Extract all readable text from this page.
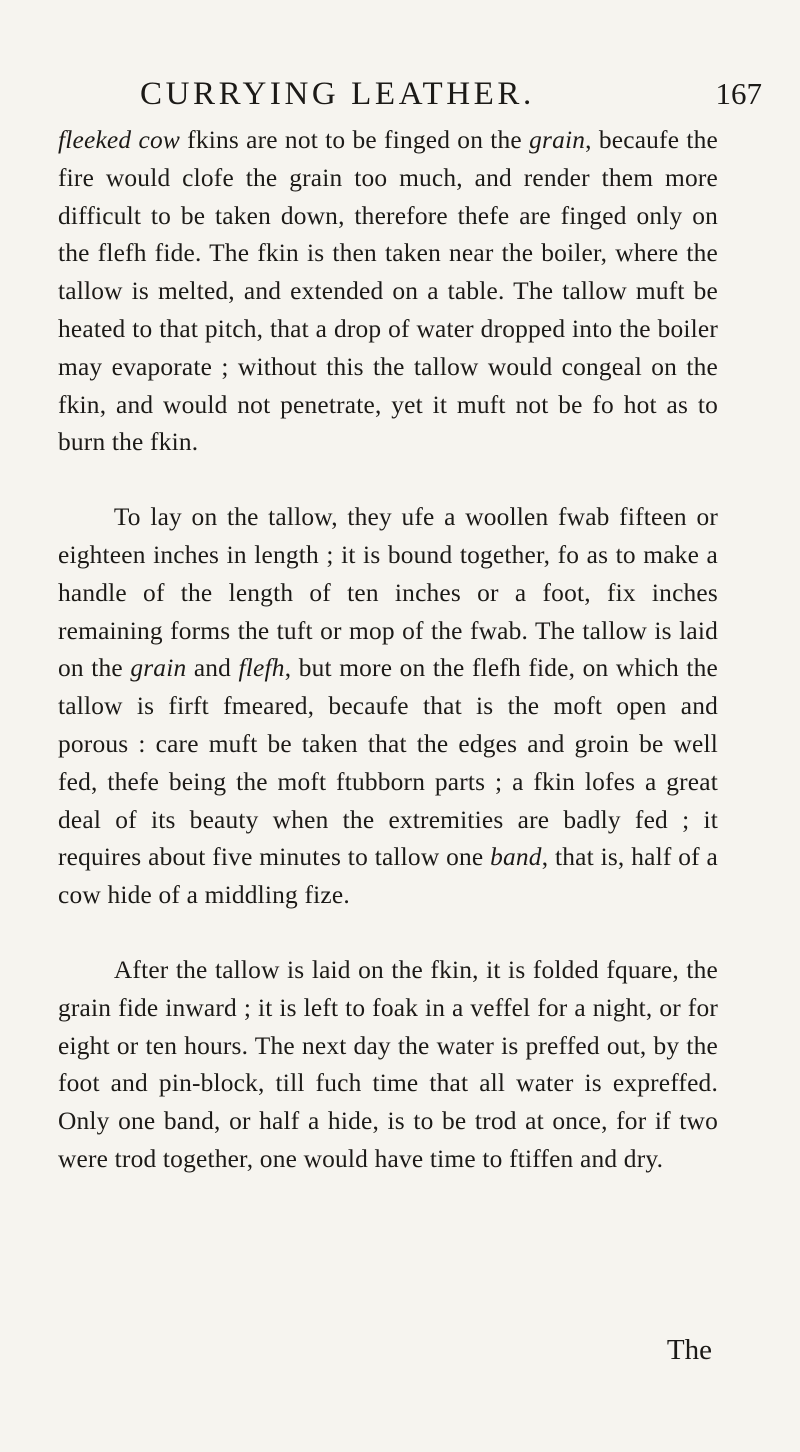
CURRYING LEATHER.	167

fleeked cow fkins are not to be finged on the grain, becaufe the fire would clofe the grain too much, and render them more difficult to be taken down, therefore thefe are finged only on the flefh fide. The fkin is then taken near the boiler, where the tallow is melted, and extended on a table. The tallow muft be heated to that pitch, that a drop of water dropped into the boiler may evaporate ; without this the tallow would congeal on the fkin, and would not penetrate, yet it muft not be fo hot as to burn the fkin.

To lay on the tallow, they ufe a woollen fwab fifteen or eighteen inches in length ; it is bound together, fo as to make a handle of the length of ten inches or a foot, fix inches remaining forms the tuft or mop of the fwab. The tallow is laid on the grain and flefh, but more on the flefh fide, on which the tallow is firft fmeared, becaufe that is the moft open and porous : care muft be taken that the edges and groin be well fed, thefe being the moft ftubborn parts ; a fkin lofes a great deal of its beauty when the extremities are badly fed ; it requires about five minutes to tallow one band, that is, half of a cow hide of a middling fize.

After the tallow is laid on the fkin, it is folded fquare, the grain fide inward ; it is left to foak in a veffel for a night, or for eight or ten hours. The next day the water is preffed out, by the foot and pin-block, till fuch time that all water is expreffed. Only one band, or half a hide, is to be trod at once, for if two were trod together, one would have time to ftiffen and dry.

The
